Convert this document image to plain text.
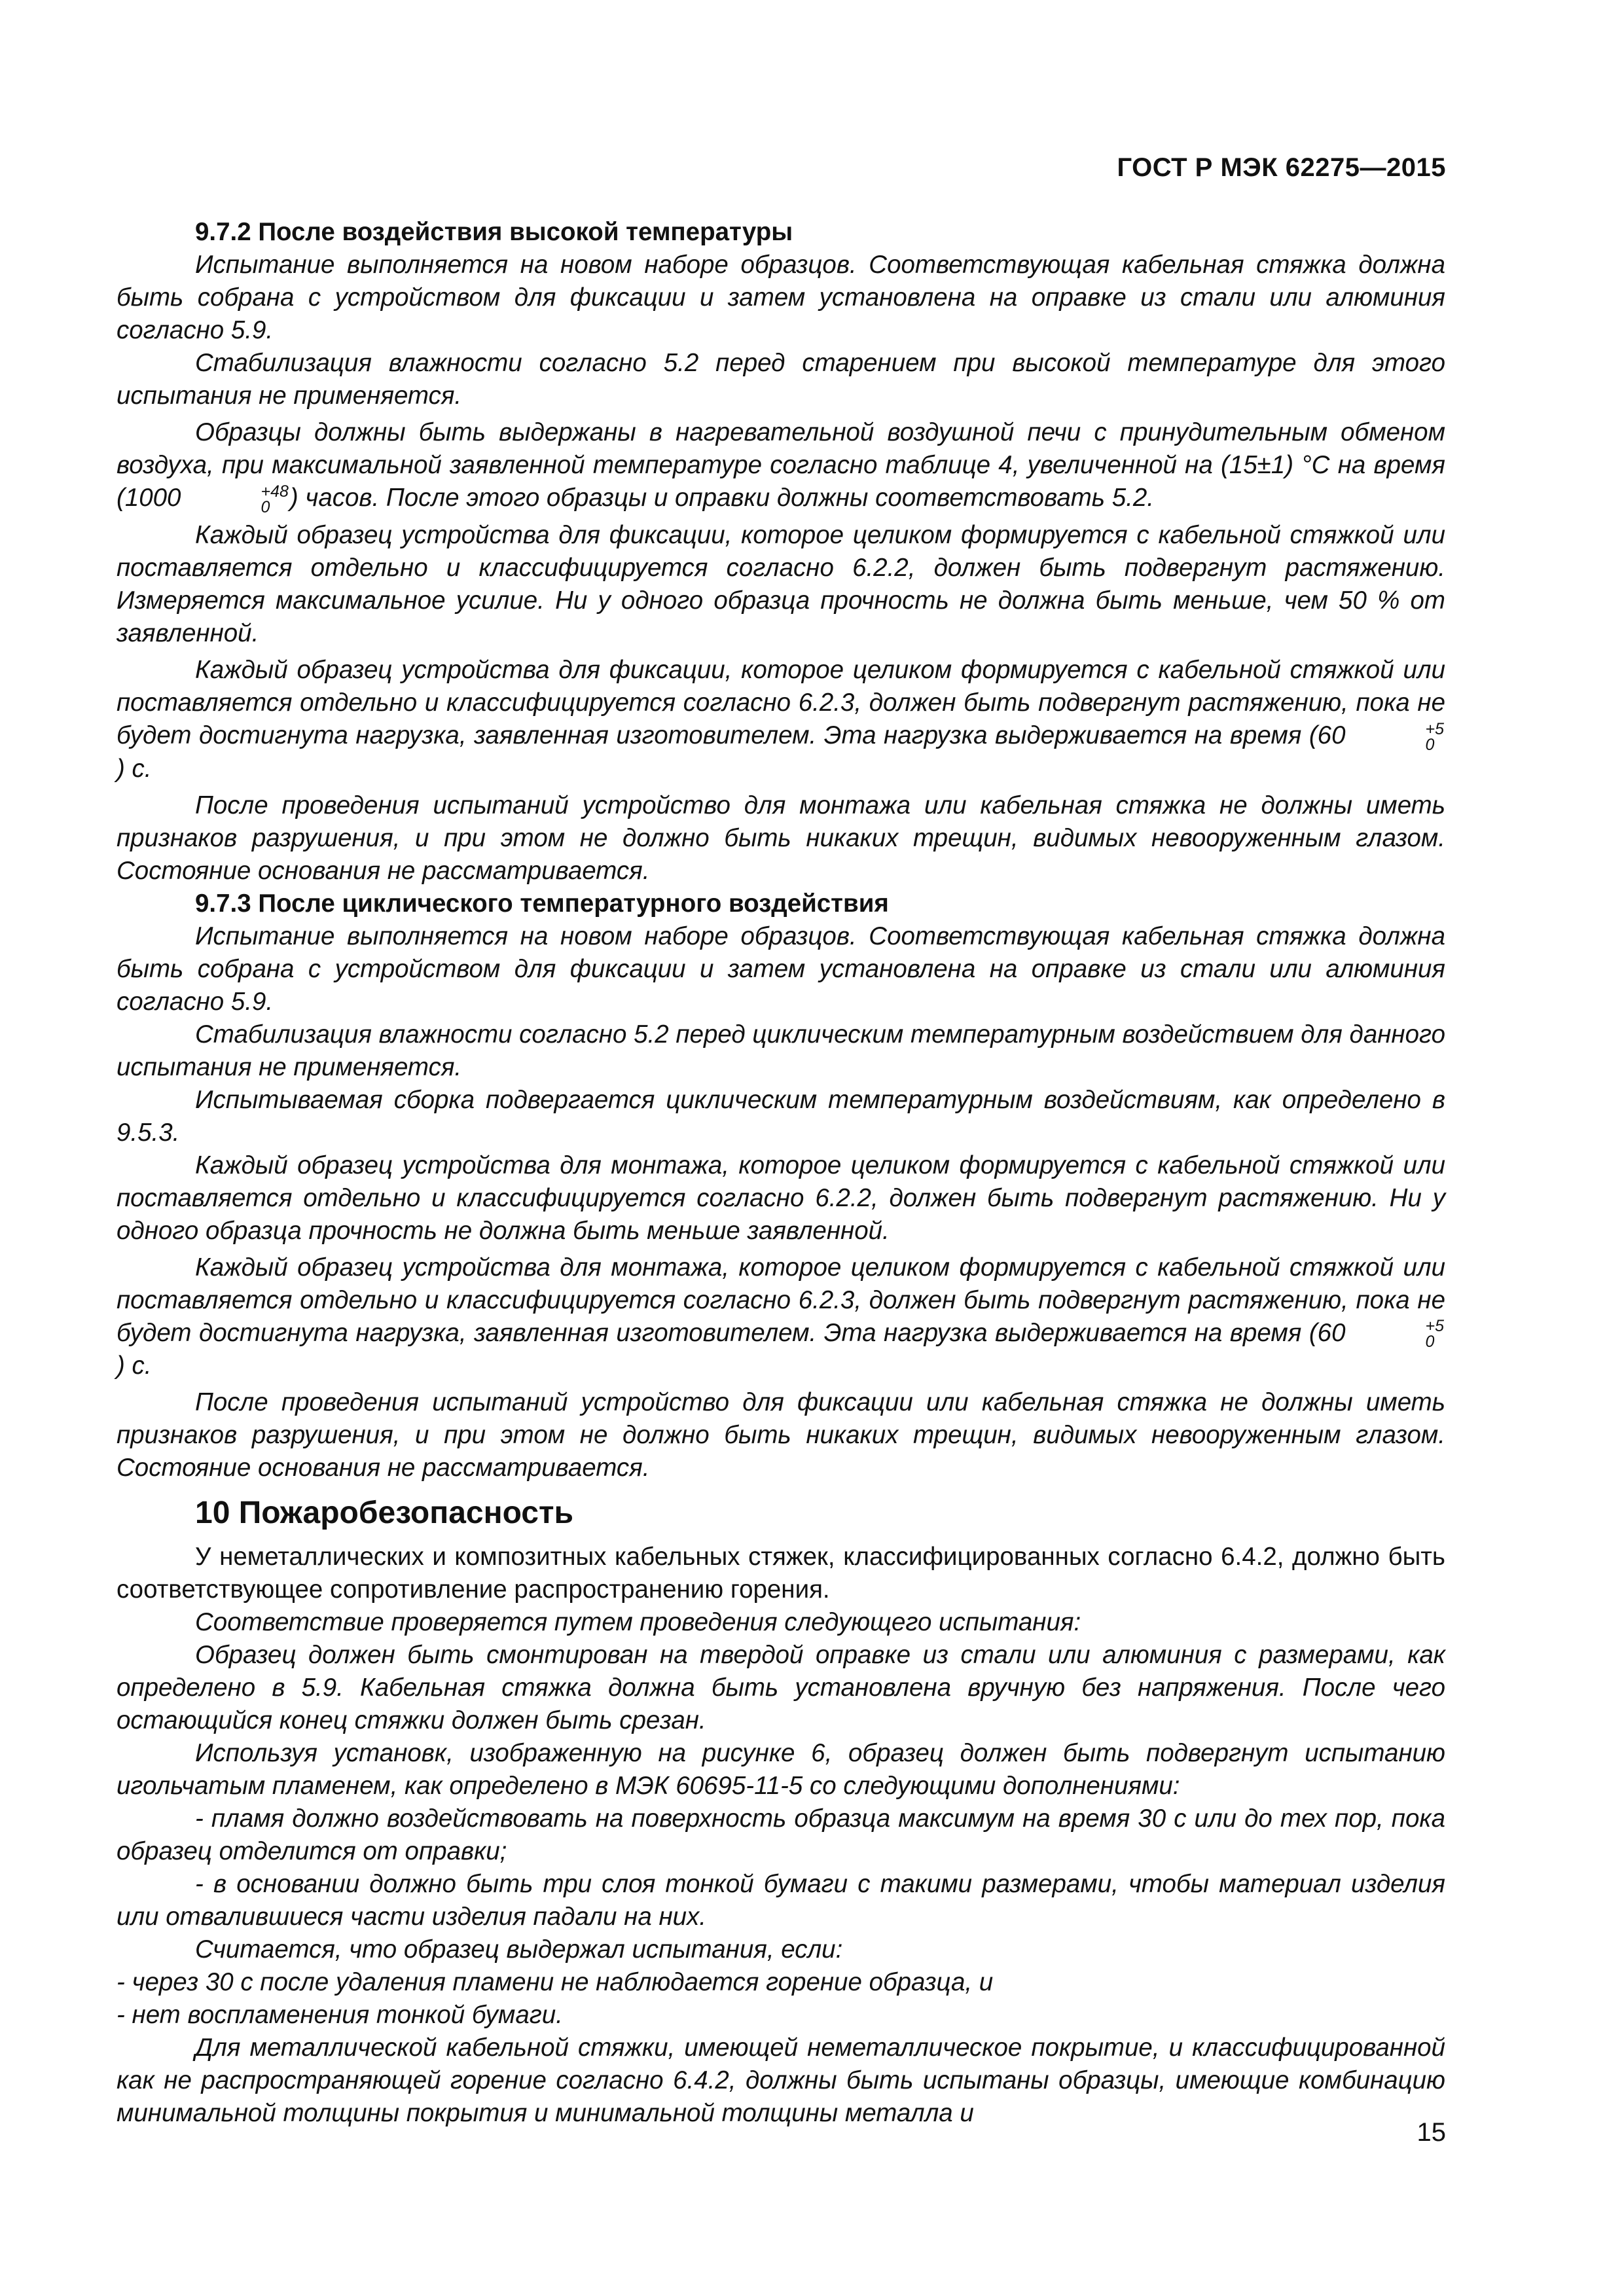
ГОСТ Р МЭК 62275—2015

9.7.2 После воздействия высокой температуры

Испытание выполняется на новом наборе образцов. Соответствующая кабельная стяжка должна быть собрана с устройством для фиксации и затем установлена на оправке из стали или алюминия согласно 5.9.

Стабилизация влажности согласно 5.2 перед старением при высокой температуре для этого испытания не применяется.

Образцы должны быть выдержаны в нагревательной воздушной печи с принудительным обменом воздуха, при максимальной заявленной температуре согласно таблице 4, увеличенной на (15±1) °С на время (1000	+48
0 ) часов. После этого образцы и оправки должны соответствовать 5.2.

Каждый образец устройства для фиксации, которое целиком формируется с кабельной стяжкой или поставляется отдельно и классифицируется согласно 6.2.2, должен быть подвергнут растяжению. Измеряется максимальное усилие. Ни у одного образца прочность не должна быть меньше, чем 50 % от заявленной.

Каждый образец устройства для фиксации, которое целиком формируется с кабельной стяжкой или поставляется отдельно и классифицируется согласно 6.2.3, должен быть подвергнут растяжению, пока не будет достигнута нагрузка, заявленная изготовителем. Эта нагрузка выдерживается на время (60	+5
0
) с.

После проведения испытаний устройство для монтажа или кабельная стяжка не должны иметь признаков разрушения, и при этом не должно быть никаких трещин, видимых невооруженным глазом. Состояние основания не рассматривается.

9.7.3 После циклического температурного воздействия

Испытание выполняется на новом наборе образцов. Соответствующая кабельная стяжка должна быть собрана с устройством для фиксации и затем установлена на оправке из стали или алюминия согласно 5.9.

Стабилизация влажности согласно 5.2 перед циклическим температурным воздействием для данного испытания не применяется.

Испытываемая сборка подвергается циклическим температурным воздействиям, как определено в 9.5.3.

Каждый образец устройства для монтажа, которое целиком формируется с кабельной стяжкой или поставляется отдельно и классифицируется согласно 6.2.2, должен быть подвергнут растяжению. Ни у одного образца прочность не должна быть меньше заявленной.

Каждый образец устройства для монтажа, которое целиком формируется с кабельной стяжкой или поставляется отдельно и классифицируется согласно 6.2.3, должен быть подвергнут растяжению, пока не будет достигнута нагрузка, заявленная изготовителем. Эта нагрузка выдерживается на время (60	+5
0
) с.

После проведения испытаний устройство для фиксации или кабельная стяжка не должны иметь признаков разрушения, и при этом не должно быть никаких трещин, видимых невооруженным глазом. Состояние основания не рассматривается.

10 Пожаробезопасность

У неметаллических и композитных кабельных стяжек, классифицированных согласно 6.4.2, должно быть соответствующее сопротивление распространению горения.

Соответствие проверяется путем проведения следующего испытания:

Образец должен быть смонтирован на твердой оправке из стали или алюминия с размерами, как определено в 5.9. Кабельная стяжка должна быть установлена вручную без напряжения. После чего остающийся конец стяжки должен быть срезан.

Используя установк, изображенную на рисунке 6, образец должен быть подвергнут испытанию игольчатым пламенем, как определено в МЭК 60695-11-5 со следующими дополнениями:

- пламя должно воздействовать на поверхность образца максимум на время 30 с или до тех пор, пока образец отделится от оправки;

- в основании должно быть три слоя тонкой бумаги с такими размерами, чтобы материал изделия или отвалившиеся части изделия падали на них.

Считается, что образец выдержал испытания, если:

- через 30 с после удаления пламени не наблюдается горение образца, и

- нет воспламенения тонкой бумаги.

Для металлической кабельной стяжки, имеющей неметаллическое покрытие, и классифицированной как не распространяющей горение согласно 6.4.2, должны быть испытаны образцы, имеющие комбинацию минимальной толщины покрытия и минимальной толщины металла и

15
